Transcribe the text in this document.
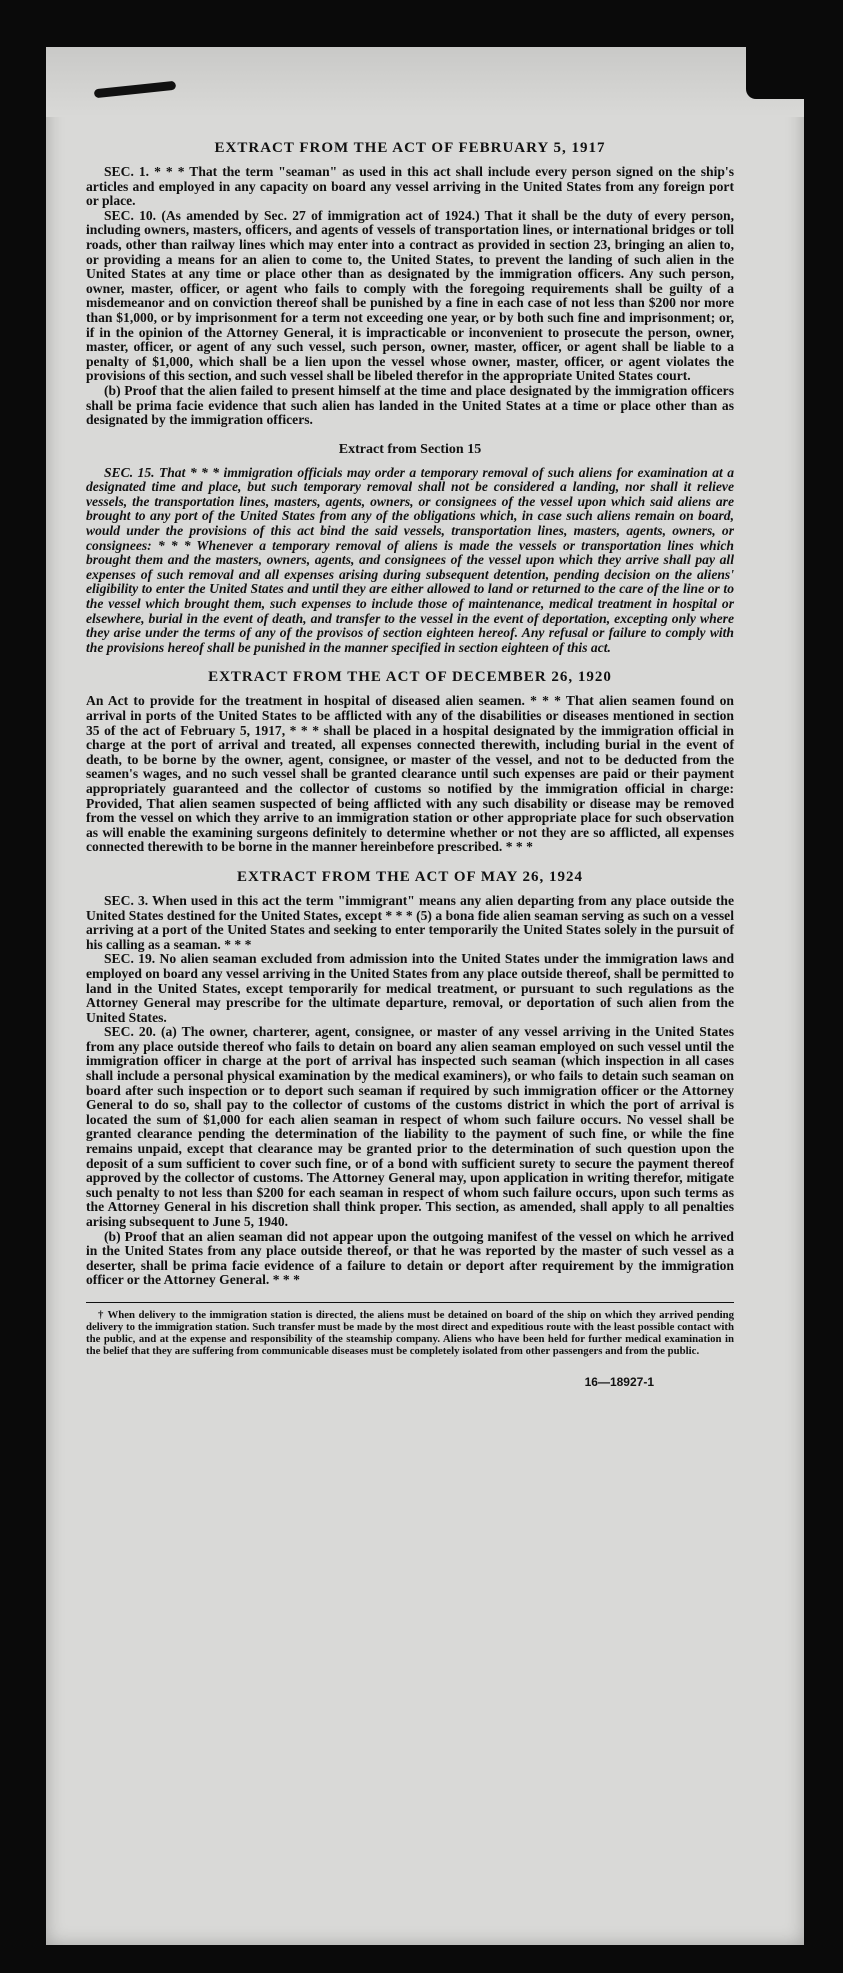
EXTRACT FROM THE ACT OF FEBRUARY 5, 1917

SEC. 1. * * * That the term "seaman" as used in this act shall include every person signed on the ship's articles and employed in any capacity on board any vessel arriving in the United States from any foreign port or place.

SEC. 10. (As amended by Sec. 27 of immigration act of 1924.) That it shall be the duty of every person, including owners, masters, officers, and agents of vessels of transportation lines, or international bridges or toll roads, other than railway lines which may enter into a contract as provided in section 23, bringing an alien to, or providing a means for an alien to come to, the United States, to prevent the landing of such alien in the United States at any time or place other than as designated by the immigration officers. Any such person, owner, master, officer, or agent who fails to comply with the foregoing requirements shall be guilty of a misdemeanor and on conviction thereof shall be punished by a fine in each case of not less than $200 nor more than $1,000, or by imprisonment for a term not exceeding one year, or by both such fine and imprisonment; or, if in the opinion of the Attorney General, it is impracticable or inconvenient to prosecute the person, owner, master, officer, or agent of any such vessel, such person, owner, master, officer, or agent shall be liable to a penalty of $1,000, which shall be a lien upon the vessel whose owner, master, officer, or agent violates the provisions of this section, and such vessel shall be libeled therefor in the appropriate United States court.

(b) Proof that the alien failed to present himself at the time and place designated by the immigration officers shall be prima facie evidence that such alien has landed in the United States at a time or place other than as designated by the immigration officers.

Extract from Section 15

SEC. 15. That * * * immigration officials may order a temporary removal of such aliens for examination at a designated time and place, but such temporary removal shall not be considered a landing, nor shall it relieve vessels, the transportation lines, masters, agents, owners, or consignees of the vessel upon which said aliens are brought to any port of the United States from any of the obligations which, in case such aliens remain on board, would under the provisions of this act bind the said vessels, transportation lines, masters, agents, owners, or consignees: * * * Whenever a temporary removal of aliens is made the vessels or transportation lines which brought them and the masters, owners, agents, and consignees of the vessel upon which they arrive shall pay all expenses of such removal and all expenses arising during subsequent detention, pending decision on the aliens' eligibility to enter the United States and until they are either allowed to land or returned to the care of the line or to the vessel which brought them, such expenses to include those of maintenance, medical treatment in hospital or elsewhere, burial in the event of death, and transfer to the vessel in the event of deportation, excepting only where they arise under the terms of any of the provisos of section eighteen hereof. Any refusal or failure to comply with the provisions hereof shall be punished in the manner specified in section eighteen of this act.

EXTRACT FROM THE ACT OF DECEMBER 26, 1920

An Act to provide for the treatment in hospital of diseased alien seamen. * * * That alien seamen found on arrival in ports of the United States to be afflicted with any of the disabilities or diseases mentioned in section 35 of the act of February 5, 1917, * * * shall be placed in a hospital designated by the immigration official in charge at the port of arrival and treated, all expenses connected therewith, including burial in the event of death, to be borne by the owner, agent, consignee, or master of the vessel, and not to be deducted from the seamen's wages, and no such vessel shall be granted clearance until such expenses are paid or their payment appropriately guaranteed and the collector of customs so notified by the immigration official in charge: Provided, That alien seamen suspected of being afflicted with any such disability or disease may be removed from the vessel on which they arrive to an immigration station or other appropriate place for such observation as will enable the examining surgeons definitely to determine whether or not they are so afflicted, all expenses connected therewith to be borne in the manner hereinbefore prescribed. * * *

EXTRACT FROM THE ACT OF MAY 26, 1924

SEC. 3. When used in this act the term "immigrant" means any alien departing from any place outside the United States destined for the United States, except * * * (5) a bona fide alien seaman serving as such on a vessel arriving at a port of the United States and seeking to enter temporarily the United States solely in the pursuit of his calling as a seaman. * * *

SEC. 19. No alien seaman excluded from admission into the United States under the immigration laws and employed on board any vessel arriving in the United States from any place outside thereof, shall be permitted to land in the United States, except temporarily for medical treatment, or pursuant to such regulations as the Attorney General may prescribe for the ultimate departure, removal, or deportation of such alien from the United States.

SEC. 20. (a) The owner, charterer, agent, consignee, or master of any vessel arriving in the United States from any place outside thereof who fails to detain on board any alien seaman employed on such vessel until the immigration officer in charge at the port of arrival has inspected such seaman (which inspection in all cases shall include a personal physical examination by the medical examiners), or who fails to detain such seaman on board after such inspection or to deport such seaman if required by such immigration officer or the Attorney General to do so, shall pay to the collector of customs of the customs district in which the port of arrival is located the sum of $1,000 for each alien seaman in respect of whom such failure occurs. No vessel shall be granted clearance pending the determination of the liability to the payment of such fine, or while the fine remains unpaid, except that clearance may be granted prior to the determination of such question upon the deposit of a sum sufficient to cover such fine, or of a bond with sufficient surety to secure the payment thereof approved by the collector of customs. The Attorney General may, upon application in writing therefor, mitigate such penalty to not less than $200 for each seaman in respect of whom such failure occurs, upon such terms as the Attorney General in his discretion shall think proper. This section, as amended, shall apply to all penalties arising subsequent to June 5, 1940.

(b) Proof that an alien seaman did not appear upon the outgoing manifest of the vessel on which he arrived in the United States from any place outside thereof, or that he was reported by the master of such vessel as a deserter, shall be prima facie evidence of a failure to detain or deport after requirement by the immigration officer or the Attorney General. * * *

† When delivery to the immigration station is directed, the aliens must be detained on board of the ship on which they arrived pending delivery to the immigration station. Such transfer must be made by the most direct and expeditious route with the least possible contact with the public, and at the expense and responsibility of the steamship company. Aliens who have been held for further medical examination in the belief that they are suffering from communicable diseases must be completely isolated from other passengers and from the public.

16—18927-1
